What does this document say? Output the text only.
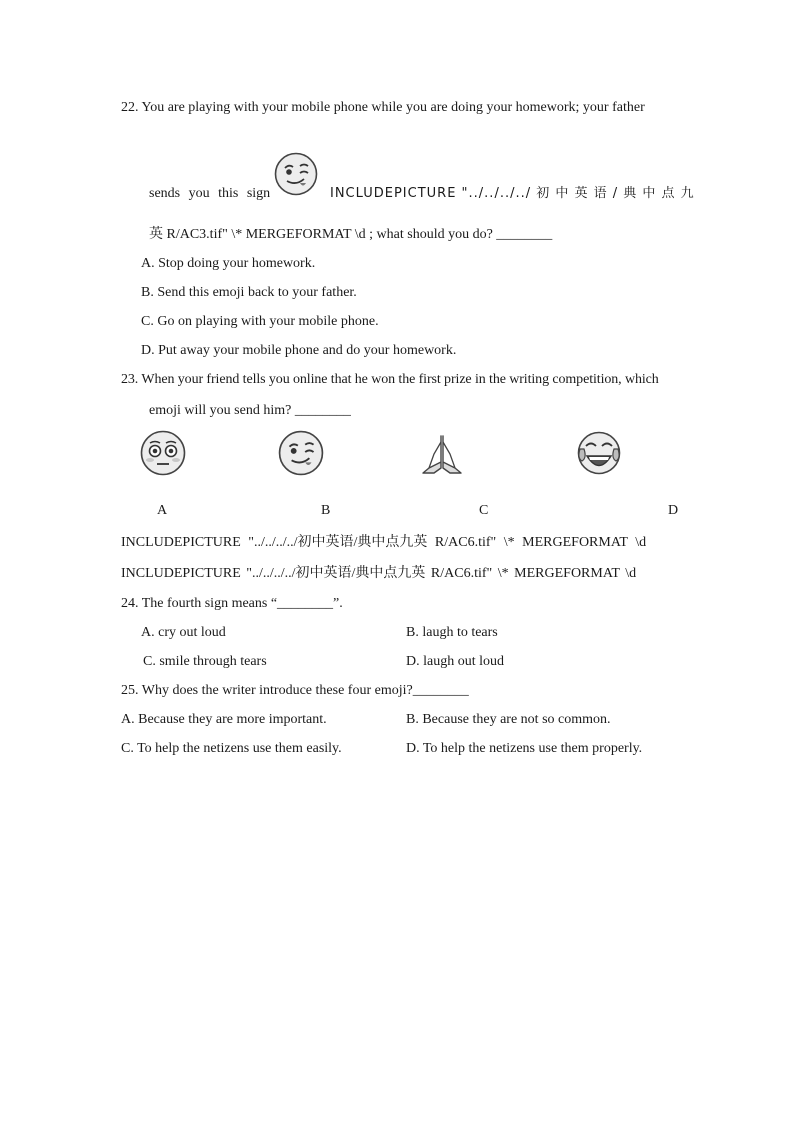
22. You are playing with your mobile phone while you are doing your homework; your father
sends you this sign	INCLUDEPICTURE "../../../../ 初 中 英 语 / 典 中 点 九
英 R/AC3.tif" \* MERGEFORMAT \d ; what should you do? ________
A. Stop doing your homework.
B. Send this emoji back to your father.
C. Go on playing with your mobile phone.
D. Put away your mobile phone and do your homework.
23. When your friend tells you online that he won the first prize in the writing competition, which
emoji will you send him? ________
A	B	C	D
INCLUDEPICTURE "../../../../初中英语/典中点九英 R/AC6.tif" \* MERGEFORMAT \d
INCLUDEPICTURE "../../../../初中英语/典中点九英 R/AC6.tif" \* MERGEFORMAT \d
24. The fourth sign means “________”.
A. cry out loud	B. laugh to tears
C. smile through tears	D. laugh out loud
25. Why does the writer introduce these four emoji?________
A. Because they are more important.	B. Because they are not so common.
C. To help the netizens use them easily.	D. To help the netizens use them properly.
